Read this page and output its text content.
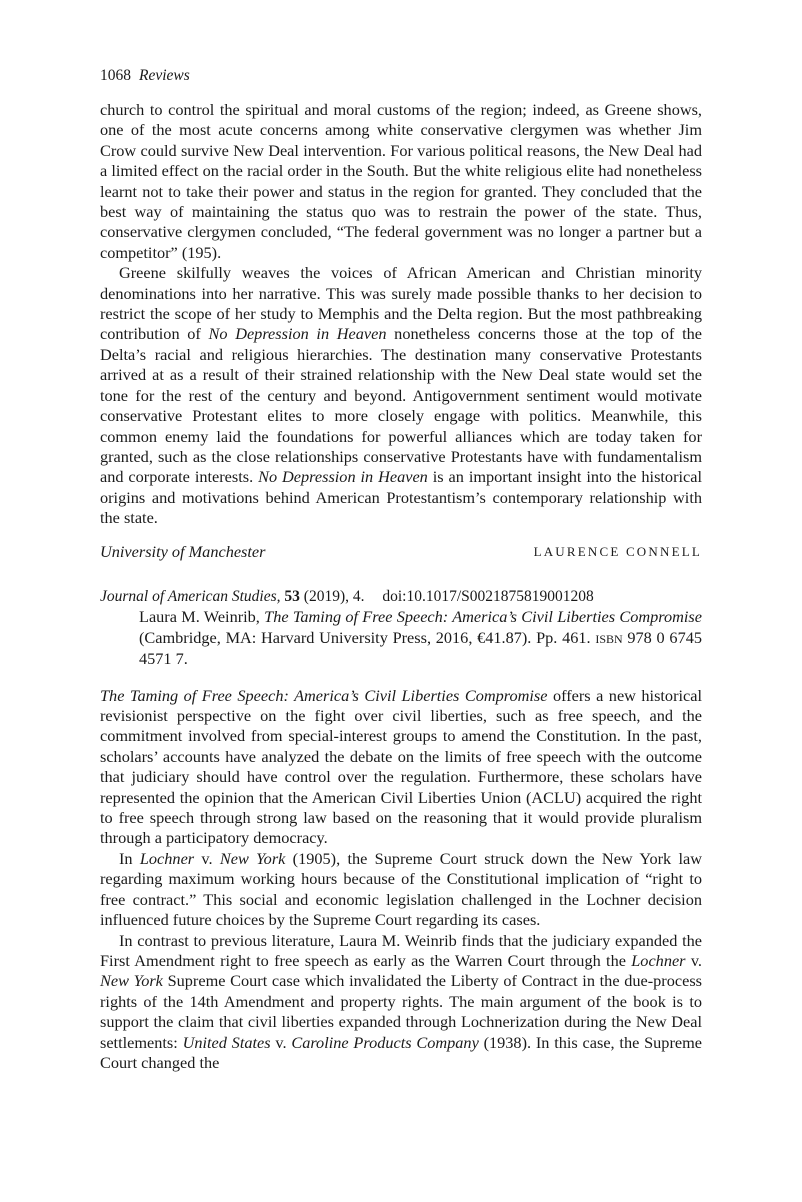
1068 Reviews

church to control the spiritual and moral customs of the region; indeed, as Greene shows, one of the most acute concerns among white conservative clergymen was whether Jim Crow could survive New Deal intervention. For various political reasons, the New Deal had a limited effect on the racial order in the South. But the white religious elite had nonetheless learnt not to take their power and status in the region for granted. They concluded that the best way of maintaining the status quo was to restrain the power of the state. Thus, conservative clergymen concluded, “The federal government was no longer a partner but a competitor” (195).

Greene skilfully weaves the voices of African American and Christian minority denominations into her narrative. This was surely made possible thanks to her decision to restrict the scope of her study to Memphis and the Delta region. But the most pathbreaking contribution of No Depression in Heaven nonetheless concerns those at the top of the Delta’s racial and religious hierarchies. The destination many conservative Protestants arrived at as a result of their strained relationship with the New Deal state would set the tone for the rest of the century and beyond. Antigovernment sentiment would motivate conservative Protestant elites to more closely engage with politics. Meanwhile, this common enemy laid the foundations for powerful alliances which are today taken for granted, such as the close relationships conservative Protestants have with fundamentalism and corporate interests. No Depression in Heaven is an important insight into the historical origins and motivations behind American Protestantism’s contemporary relationship with the state.

University of Manchester	LAURENCE CONNELL
Journal of American Studies, 53 (2019), 4. doi:10.1017/S0021875819001208

Laura M. Weinrib, The Taming of Free Speech: America’s Civil Liberties Compromise (Cambridge, MA: Harvard University Press, 2016, €41.87). Pp. 461. ISBN 978 0 6745 4571 7.

The Taming of Free Speech: America’s Civil Liberties Compromise offers a new historical revisionist perspective on the fight over civil liberties, such as free speech, and the commitment involved from special-interest groups to amend the Constitution. In the past, scholars’ accounts have analyzed the debate on the limits of free speech with the outcome that judiciary should have control over the regulation. Furthermore, these scholars have represented the opinion that the American Civil Liberties Union (ACLU) acquired the right to free speech through strong law based on the reasoning that it would provide pluralism through a participatory democracy.

In Lochner v. New York (1905), the Supreme Court struck down the New York law regarding maximum working hours because of the Constitutional implication of “right to free contract.” This social and economic legislation challenged in the Lochner decision influenced future choices by the Supreme Court regarding its cases.

In contrast to previous literature, Laura M. Weinrib finds that the judiciary expanded the First Amendment right to free speech as early as the Warren Court through the Lochner v. New York Supreme Court case which invalidated the Liberty of Contract in the due-process rights of the 14th Amendment and property rights. The main argument of the book is to support the claim that civil liberties expanded through Lochnerization during the New Deal settlements: United States v. Caroline Products Company (1938). In this case, the Supreme Court changed the
